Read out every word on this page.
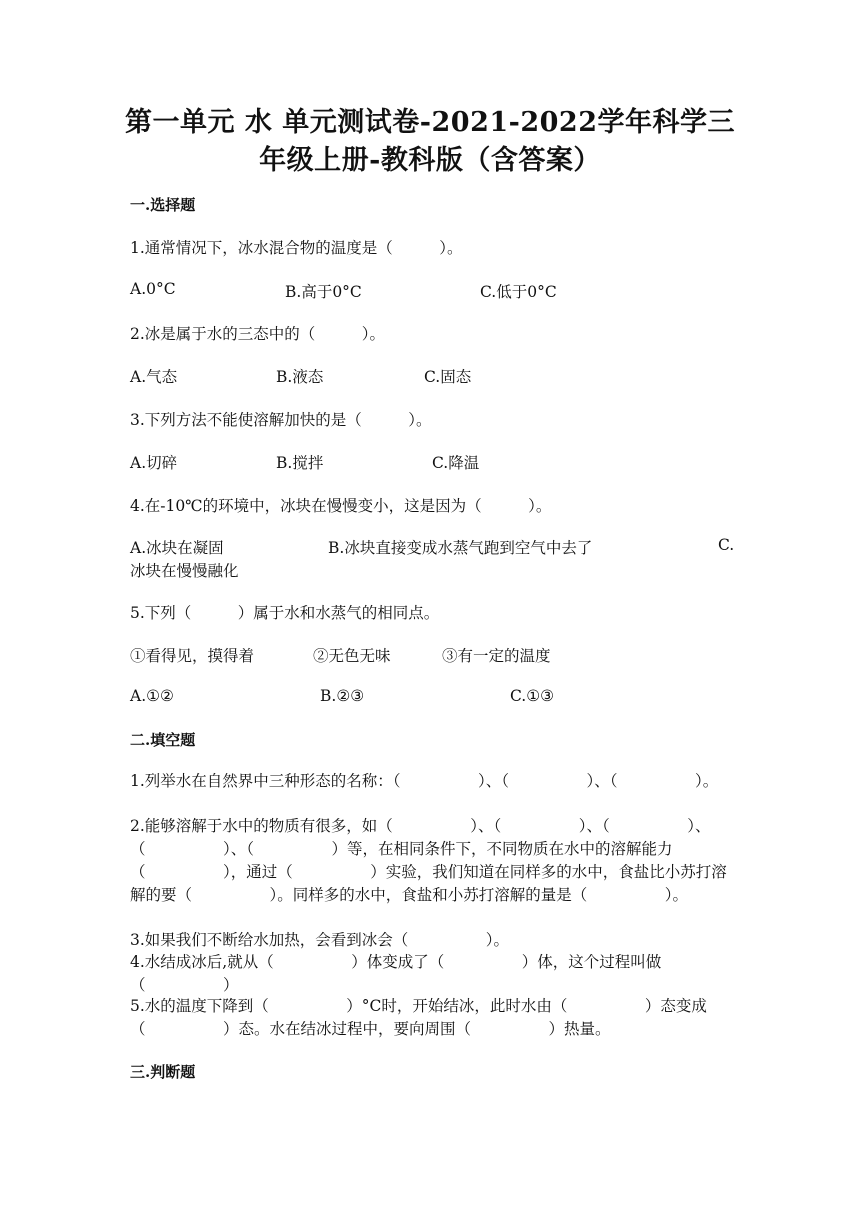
第一单元 水 单元测试卷-2021-2022学年科学三年级上册-教科版（含答案）
一.选择题
1.通常情况下，冰水混合物的温度是（　　　）。
A.0°C	B.高于0°C	C.低于0°C
2.冰是属于水的三态中的（　　　）。
A.气态	B.液态	C.固态
3.下列方法不能使溶解加快的是（　　　）。
A.切碎	B.搅拌	C.降温
4.在-10℃的环境中，冰块在慢慢变小，这是因为（　　　）。
A.冰块在凝固	B.冰块直接变成水蒸气跑到空气中去了	C.
冰块在慢慢融化
5.下列（　　　）属于水和水蒸气的相同点。
①看得见，摸得着	②无色无味	③有一定的温度
A.①②	B.②③	C.①③
二.填空题

1.列举水在自然界中三种形态的名称：（　　　　　）、（　　　　　）、（　　　　　）。

2.能够溶解于水中的物质有很多，如（　　　　　）、（　　　　　）、（　　　　　）、（　　　　　）、（　　　　　）等，在相同条件下，不同物质在水中的溶解能力（　　　　　），通过（　　　　　）实验，我们知道在同样多的水中，食盐比小苏打溶解的要（　　　　　）。同样多的水中，食盐和小苏打溶解的量是（　　　　　）。

3.如果我们不断给水加热，会看到冰会（　　　　　）。

4.水结成冰后,就从（　　　　　）体变成了（　　　　　）体，这个过程叫做（　　　　　）

5.水的温度下降到（　　　　　）°C时，开始结冰，此时水由（　　　　　）态变成（　　　　　）态。水在结冰过程中，要向周围（　　　　　）热量。

三.判断题
